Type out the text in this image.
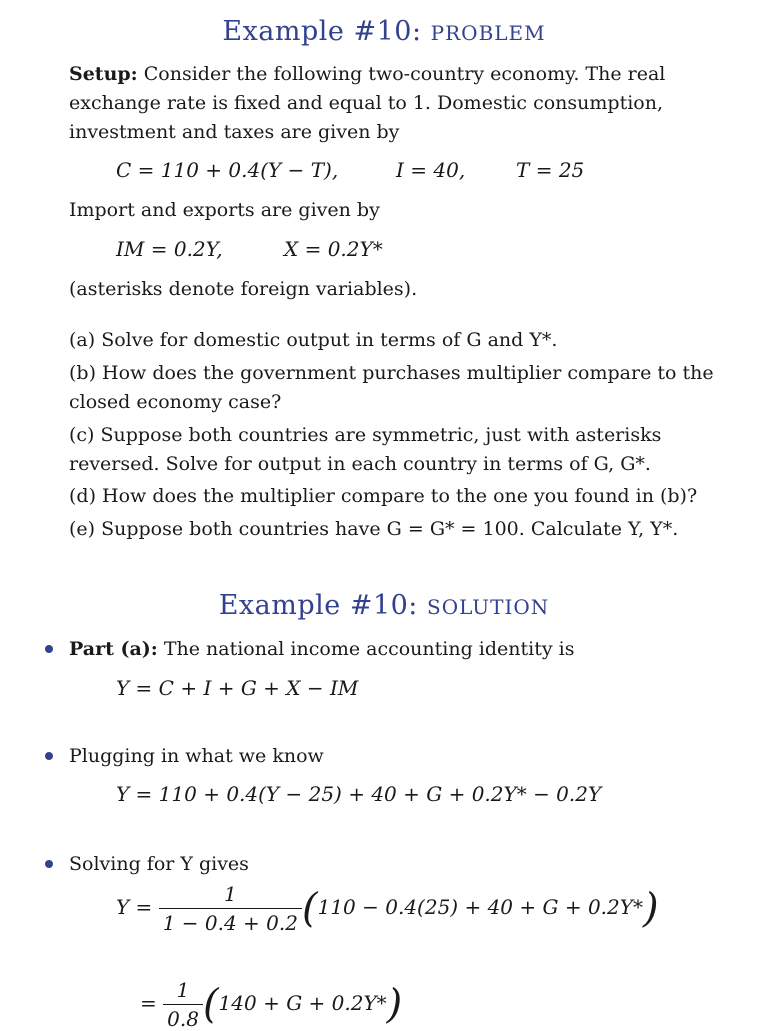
Example #10: PROBLEM
Setup: Consider the following two-country economy. The real exchange rate is fixed and equal to 1. Domestic consumption, investment and taxes are given by
C = 110 + 0.4(Y − T),	I = 40,	T = 25
Import and exports are given by
IM = 0.2Y,	X = 0.2Y*
(asterisks denote foreign variables).
(a) Solve for domestic output in terms of G and Y*.
(b) How does the government purchases multiplier compare to the closed economy case?
(c) Suppose both countries are symmetric, just with asterisks reversed. Solve for output in each country in terms of G, G*.
(d) How does the multiplier compare to the one you found in (b)?
(e) Suppose both countries have G = G* = 100. Calculate Y, Y*.
Example #10: SOLUTION
Part (a): The national income accounting identity is
Y = C + I + G + X − IM
Plugging in what we know
Y = 110 + 0.4(Y − 25) + 40 + G + 0.2Y* − 0.2Y
Solving for Y gives
$Y = \frac{1}{1 - 0.4 + 0.2} (110 - 0.4(25) + 40 + G + 0.2Y*)$
= $\frac{1}{0.8} (140 + G + 0.2Y*)$
